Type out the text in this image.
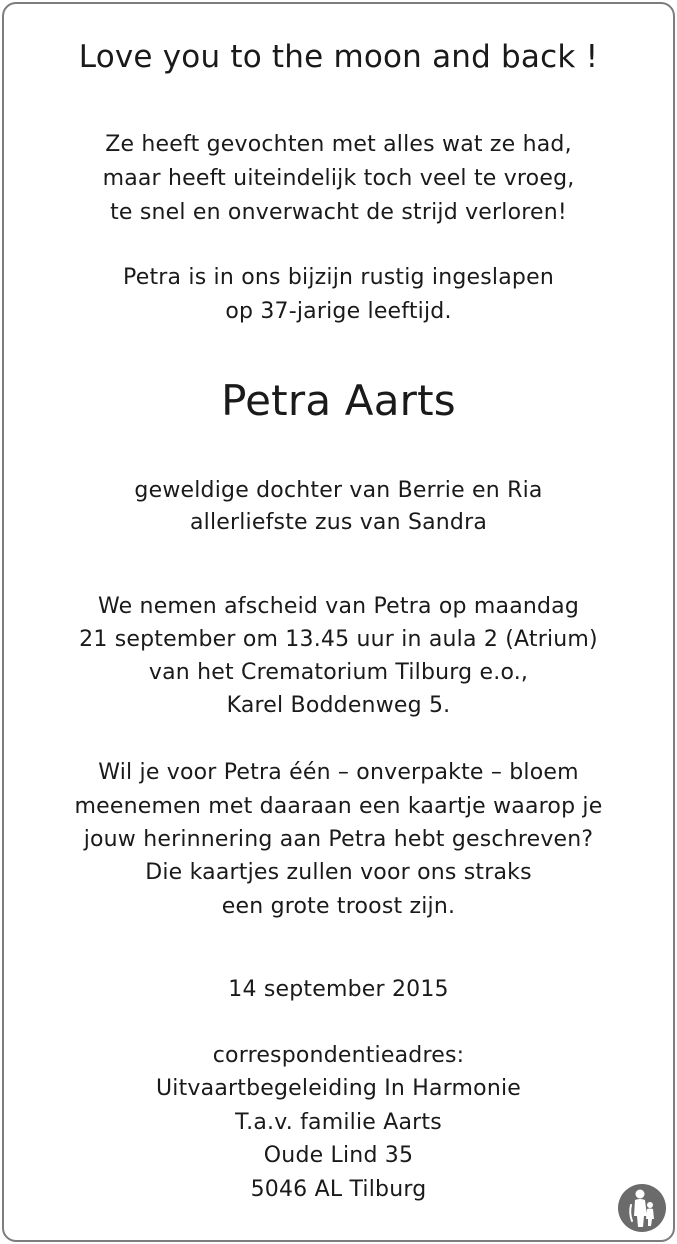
Love you to the moon and back !
Ze heeft gevochten met alles wat ze had,
maar heeft uiteindelijk toch veel te vroeg,
te snel en onverwacht de strijd verloren!
Petra is in ons bijzijn rustig ingeslapen
op 37-jarige leeftijd.
Petra Aarts
geweldige dochter van Berrie en Ria
allerliefste zus van Sandra
We nemen afscheid van Petra op maandag
21 september om 13.45 uur in aula 2 (Atrium)
van het Crematorium Tilburg e.o.,
Karel Boddenweg 5.
Wil je voor Petra één – onverpakte – bloem
meenemen met daaraan een kaartje waarop je
jouw herinnering aan Petra hebt geschreven?
Die kaartjes zullen voor ons straks
een grote troost zijn.
14 september 2015
correspondentieadres:
Uitvaartbegeleiding In Harmonie
T.a.v. familie Aarts
Oude Lind 35
5046 AL Tilburg
